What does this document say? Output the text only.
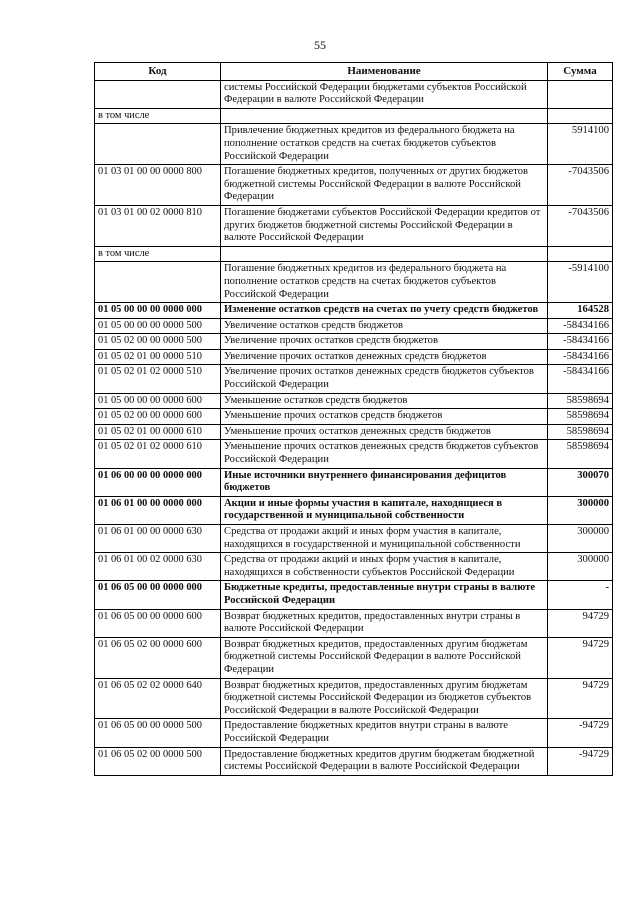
55
Код	Наименование	Сумма
	системы Российской Федерации бюджетами субъектов Российской Федерации в валюте Российской Федерации	
в том числе		
	Привлечение бюджетных кредитов из федерального бюджета на пополнение остатков средств на счетах бюджетов субъектов Российской Федерации	5914100
01 03 01 00 00 0000 800	Погашение бюджетных кредитов, полученных от других бюджетов бюджетной системы Российской Федерации в валюте Российской Федерации	-7043506
01 03 01 00 02 0000 810	Погашение бюджетами субъектов Российской Федерации кредитов от других бюджетов бюджетной системы Российской Федерации в валюте Российской Федерации	-7043506
в том числе		
	Погашение бюджетных кредитов из федерального бюджета на пополнение остатков средств на счетах бюджетов субъектов Российской Федерации	-5914100
01 05 00 00 00 0000 000	Изменение остатков средств на счетах по учету средств бюджетов	164528
01 05 00 00 00 0000 500	Увеличение остатков средств бюджетов	-58434166
01 05 02 00 00 0000 500	Увеличение прочих остатков средств бюджетов	-58434166
01 05 02 01 00 0000 510	Увеличение прочих остатков денежных средств бюджетов	-58434166
01 05 02 01 02 0000 510	Увеличение прочих остатков денежных средств бюджетов субъектов Российской Федерации	-58434166
01 05 00 00 00 0000 600	Уменьшение остатков средств бюджетов	58598694
01 05 02 00 00 0000 600	Уменьшение прочих остатков средств бюджетов	58598694
01 05 02 01 00 0000 610	Уменьшение прочих остатков денежных средств бюджетов	58598694
01 05 02 01 02 0000 610	Уменьшение прочих остатков денежных средств бюджетов субъектов Российской Федерации	58598694
01 06 00 00 00 0000 000	Иные источники внутреннего финансирования дефицитов бюджетов	300070
01 06 01 00 00 0000 000	Акции и иные формы участия в капитале, находящиеся в государственной и муниципальной собственности	300000
01 06 01 00 00 0000 630	Средства от продажи акций и иных форм участия в капитале, находящихся в государственной и муниципальной собственности	300000
01 06 01 00 02 0000 630	Средства от продажи акций и иных форм участия в капитале, находящихся в собственности субъектов Российской Федерации	300000
01 06 05 00 00 0000 000	Бюджетные кредиты, предоставленные внутри страны в валюте Российской Федерации	-
01 06 05 00 00 0000 600	Возврат бюджетных кредитов, предоставленных внутри страны в валюте Российской Федерации	94729
01 06 05 02 00 0000 600	Возврат бюджетных кредитов, предоставленных другим бюджетам бюджетной системы Российской Федерации в валюте Российской Федерации	94729
01 06 05 02 02 0000 640	Возврат бюджетных кредитов, предоставленных другим бюджетам бюджетной системы Российской Федерации из бюджетов субъектов Российской Федерации в валюте Российской Федерации	94729
01 06 05 00 00 0000 500	Предоставление бюджетных кредитов внутри страны в валюте Российской Федерации	-94729
01 06 05 02 00 0000 500	Предоставление бюджетных кредитов другим бюджетам бюджетной системы Российской Федерации в валюте Российской Федерации	-94729
